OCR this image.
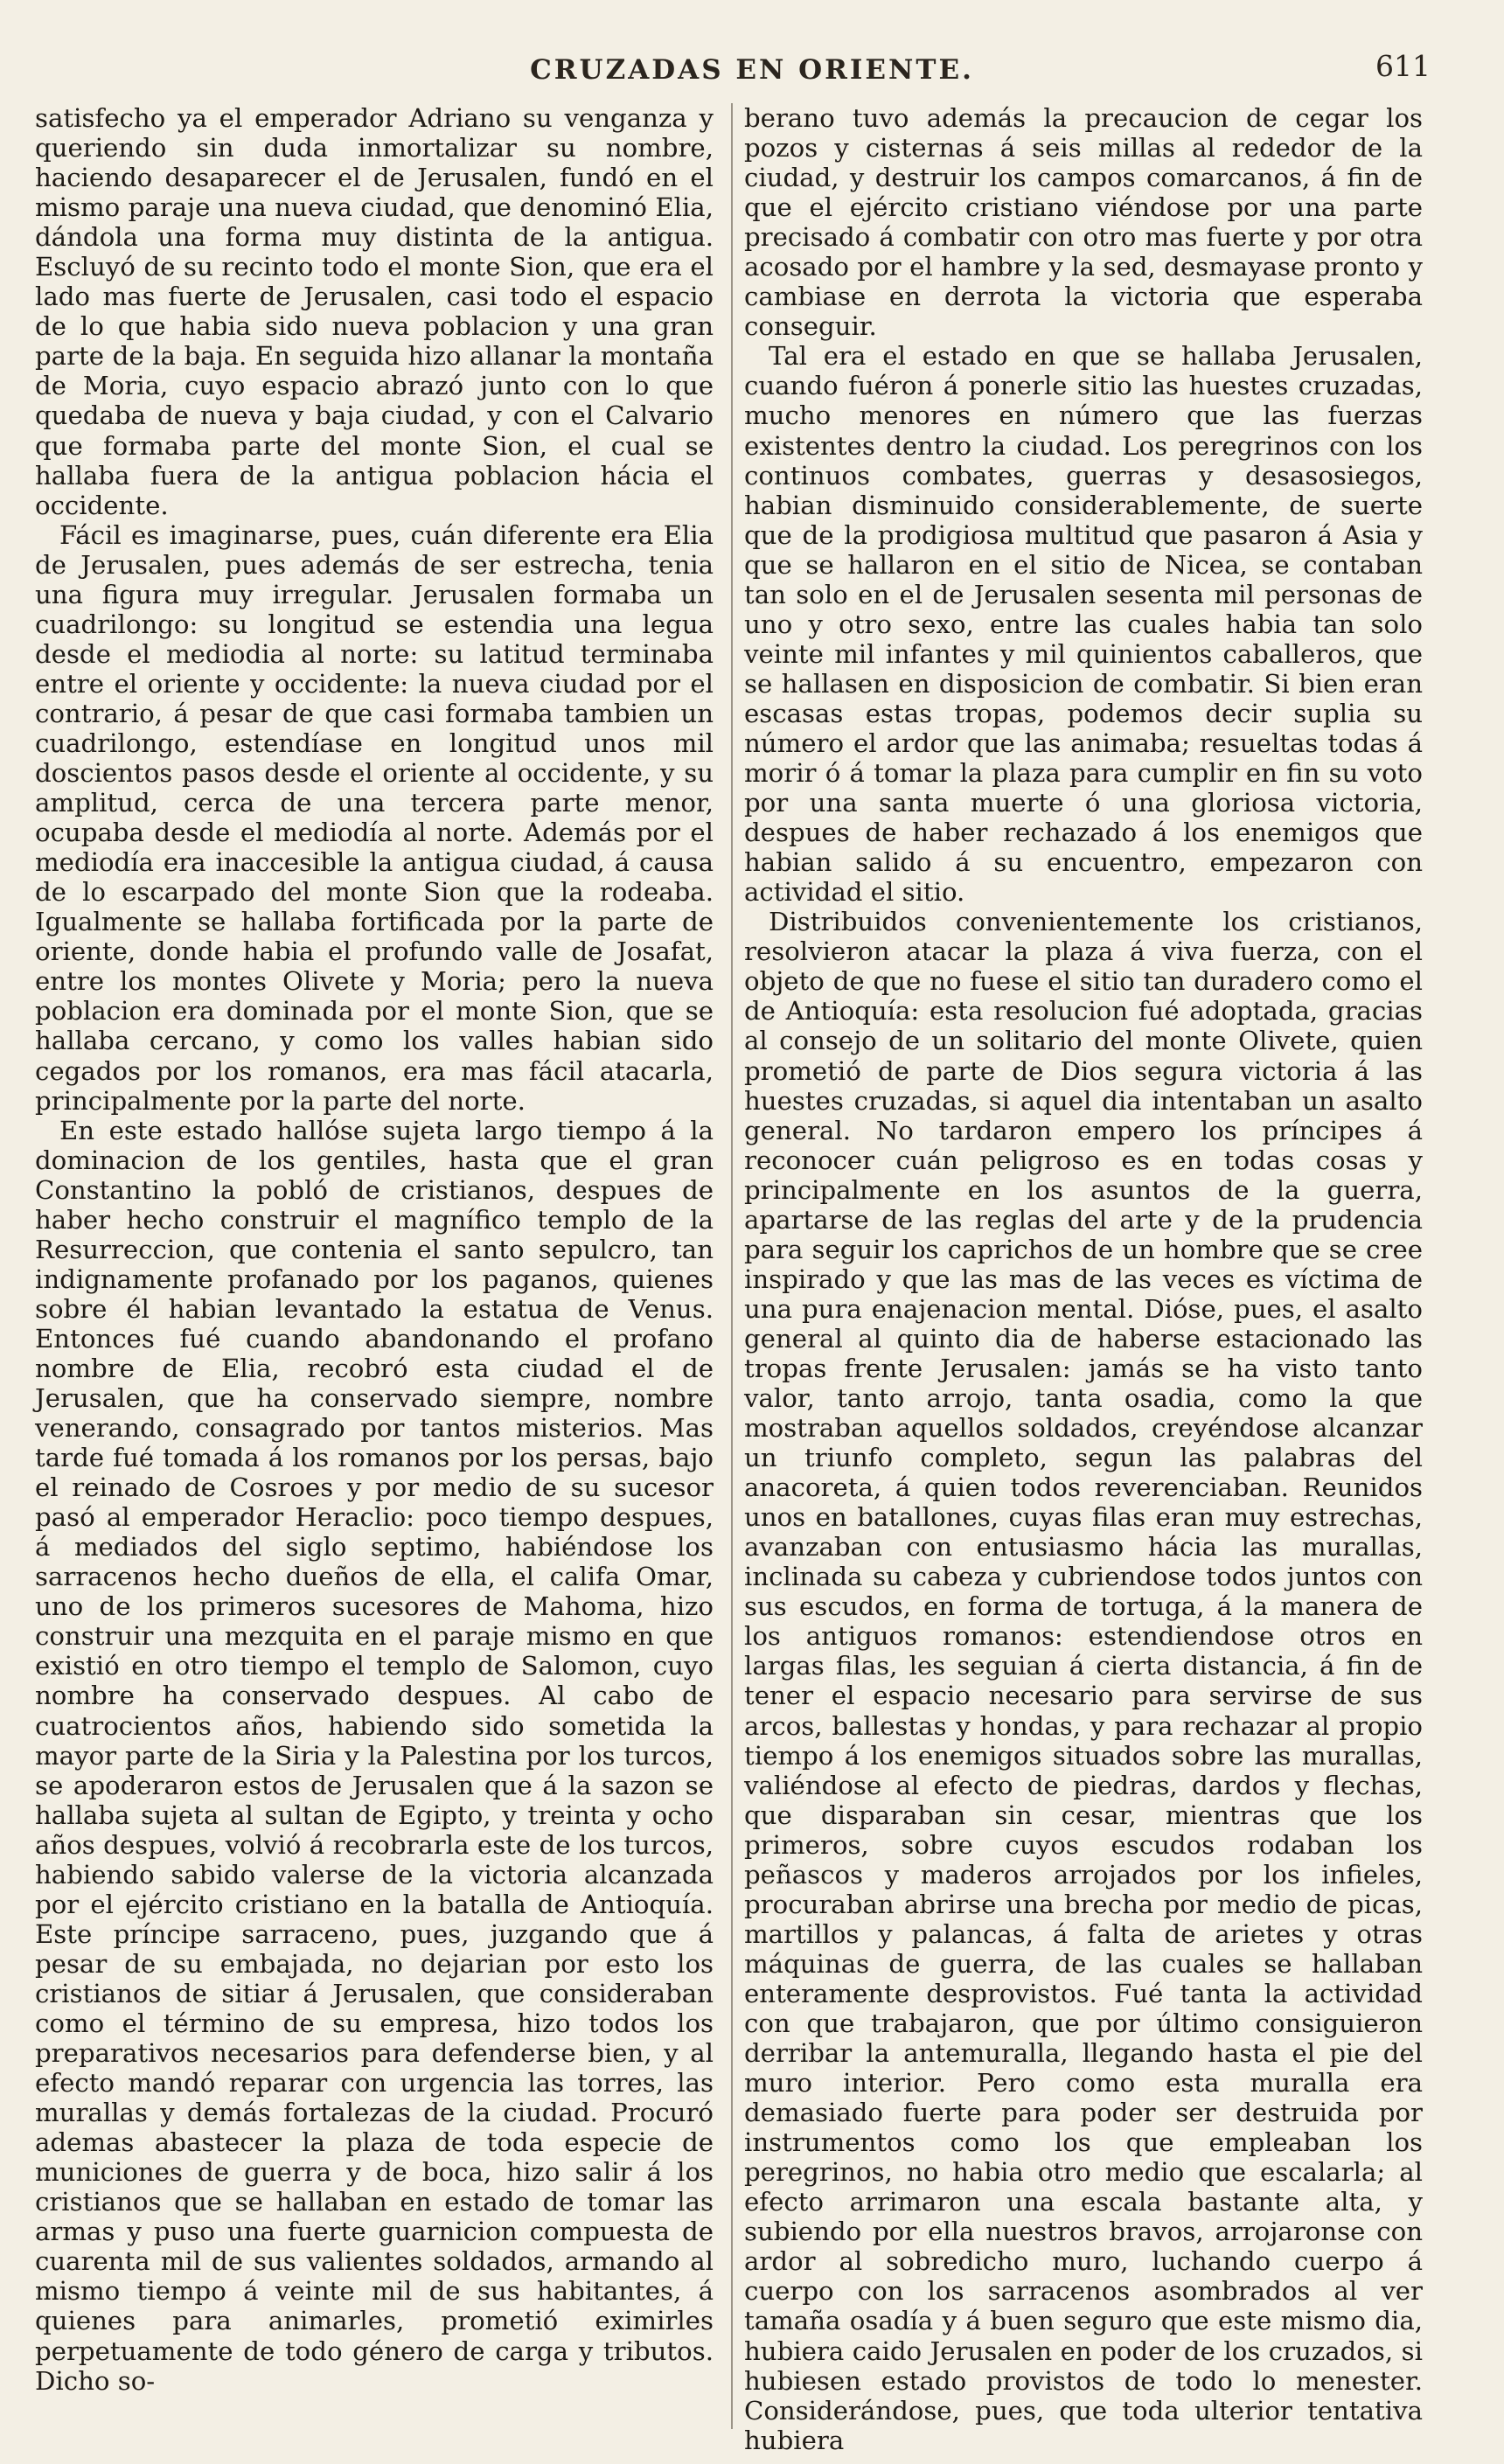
CRUZADAS EN ORIENTE.	611

satisfecho ya el emperador Adriano su venganza y queriendo sin duda inmortalizar su nombre, haciendo desaparecer el de Jerusalen, fundó en el mismo paraje una nueva ciudad, que denominó Elia, dándola una forma muy distinta de la antigua. Escluyó de su recinto todo el monte Sion, que era el lado mas fuerte de Jerusalen, casi todo el espacio de lo que habia sido nueva poblacion y una gran parte de la baja. En seguida hizo allanar la montaña de Moria, cuyo espacio abrazó junto con lo que quedaba de nueva y baja ciudad, y con el Calvario que formaba parte del monte Sion, el cual se hallaba fuera de la antigua poblacion hácia el occidente.

Fácil es imaginarse, pues, cuán diferente era Elia de Jerusalen, pues además de ser estrecha, tenia una figura muy irregular. Jerusalen formaba un cuadrilongo: su longitud se estendia una legua desde el mediodia al norte: su latitud terminaba entre el oriente y occidente: la nueva ciudad por el contrario, á pesar de que casi formaba tambien un cuadrilongo, estendíase en longitud unos mil doscientos pasos desde el oriente al occidente, y su amplitud, cerca de una tercera parte menor, ocupaba desde el mediodía al norte. Además por el mediodía era inaccesible la antigua ciudad, á causa de lo escarpado del monte Sion que la rodeaba. Igualmente se hallaba fortificada por la parte de oriente, donde habia el profundo valle de Josafat, entre los montes Olivete y Moria; pero la nueva poblacion era dominada por el monte Sion, que se hallaba cercano, y como los valles habian sido cegados por los romanos, era mas fácil atacarla, principalmente por la parte del norte.

En este estado hallóse sujeta largo tiempo á la dominacion de los gentiles, hasta que el gran Constantino la pobló de cristianos, despues de haber hecho construir el magnífico templo de la Resurreccion, que contenia el santo sepulcro, tan indignamente profanado por los paganos, quienes sobre él habian levantado la estatua de Venus. Entonces fué cuando abandonando el profano nombre de Elia, recobró esta ciudad el de Jerusalen, que ha conservado siempre, nombre venerando, consagrado por tantos misterios. Mas tarde fué tomada á los romanos por los persas, bajo el reinado de Cosroes y por medio de su sucesor pasó al emperador Heraclio: poco tiempo despues, á mediados del siglo septimo, habiéndose los sarracenos hecho dueños de ella, el califa Omar, uno de los primeros sucesores de Mahoma, hizo construir una mezquita en el paraje mismo en que existió en otro tiempo el templo de Salomon, cuyo nombre ha conservado despues. Al cabo de cuatrocientos años, habiendo sido sometida la mayor parte de la Siria y la Palestina por los turcos, se apoderaron estos de Jerusalen que á la sazon se hallaba sujeta al sultan de Egipto, y treinta y ocho años despues, volvió á recobrarla este de los turcos, habiendo sabido valerse de la victoria alcanzada por el ejército cristiano en la batalla de Antioquía. Este príncipe sarraceno, pues, juzgando que á pesar de su embajada, no dejarian por esto los cristianos de sitiar á Jerusalen, que consideraban como el término de su empresa, hizo todos los preparativos necesarios para defenderse bien, y al efecto mandó reparar con urgencia las torres, las murallas y demás fortalezas de la ciudad. Procuró ademas abastecer la plaza de toda especie de municiones de guerra y de boca, hizo salir á los cristianos que se hallaban en estado de tomar las armas y puso una fuerte guarnicion compuesta de cuarenta mil de sus valientes soldados, armando al mismo tiempo á veinte mil de sus habitantes, á quienes para animarles, prometió eximirles perpetuamente de todo género de carga y tributos. Dicho so-

berano tuvo además la precaucion de cegar los pozos y cisternas á seis millas al rededor de la ciudad, y destruir los campos comarcanos, á fin de que el ejército cristiano viéndose por una parte precisado á combatir con otro mas fuerte y por otra acosado por el hambre y la sed, desmayase pronto y cambiase en derrota la victoria que esperaba conseguir.

Tal era el estado en que se hallaba Jerusalen, cuando fuéron á ponerle sitio las huestes cruzadas, mucho menores en número que las fuerzas existentes dentro la ciudad. Los peregrinos con los continuos combates, guerras y desasosiegos, habian disminuido considerablemente, de suerte que de la prodigiosa multitud que pasaron á Asia y que se hallaron en el sitio de Nicea, se contaban tan solo en el de Jerusalen sesenta mil personas de uno y otro sexo, entre las cuales habia tan solo veinte mil infantes y mil quinientos caballeros, que se hallasen en disposicion de combatir. Si bien eran escasas estas tropas, podemos decir suplia su número el ardor que las animaba; resueltas todas á morir ó á tomar la plaza para cumplir en fin su voto por una santa muerte ó una gloriosa victoria, despues de haber rechazado á los enemigos que habian salido á su encuentro, empezaron con actividad el sitio.

Distribuidos convenientemente los cristianos, resolvieron atacar la plaza á viva fuerza, con el objeto de que no fuese el sitio tan duradero como el de Antioquía: esta resolucion fué adoptada, gracias al consejo de un solitario del monte Olivete, quien prometió de parte de Dios segura victoria á las huestes cruzadas, si aquel dia intentaban un asalto general. No tardaron empero los príncipes á reconocer cuán peligroso es en todas cosas y principalmente en los asuntos de la guerra, apartarse de las reglas del arte y de la prudencia para seguir los caprichos de un hombre que se cree inspirado y que las mas de las veces es víctima de una pura enajenacion mental. Dióse, pues, el asalto general al quinto dia de haberse estacionado las tropas frente Jerusalen: jamás se ha visto tanto valor, tanto arrojo, tanta osadia, como la que mostraban aquellos soldados, creyéndose alcanzar un triunfo completo, segun las palabras del anacoreta, á quien todos reverenciaban. Reunidos unos en batallones, cuyas filas eran muy estrechas, avanzaban con entusiasmo hácia las murallas, inclinada su cabeza y cubriendose todos juntos con sus escudos, en forma de tortuga, á la manera de los antiguos romanos: estendiendose otros en largas filas, les seguian á cierta distancia, á fin de tener el espacio necesario para servirse de sus arcos, ballestas y hondas, y para rechazar al propio tiempo á los enemigos situados sobre las murallas, valiéndose al efecto de piedras, dardos y flechas, que disparaban sin cesar, mientras que los primeros, sobre cuyos escudos rodaban los peñascos y maderos arrojados por los infieles, procuraban abrirse una brecha por medio de picas, martillos y palancas, á falta de arietes y otras máquinas de guerra, de las cuales se hallaban enteramente desprovistos. Fué tanta la actividad con que trabajaron, que por último consiguieron derribar la antemuralla, llegando hasta el pie del muro interior. Pero como esta muralla era demasiado fuerte para poder ser destruida por instrumentos como los que empleaban los peregrinos, no habia otro medio que escalarla; al efecto arrimaron una escala bastante alta, y subiendo por ella nuestros bravos, arrojaronse con ardor al sobredicho muro, luchando cuerpo á cuerpo con los sarracenos asombrados al ver tamaña osadía y á buen seguro que este mismo dia, hubiera caido Jerusalen en poder de los cruzados, si hubiesen estado provistos de todo lo menester. Considerándose, pues, que toda ulterior tentativa hubiera
